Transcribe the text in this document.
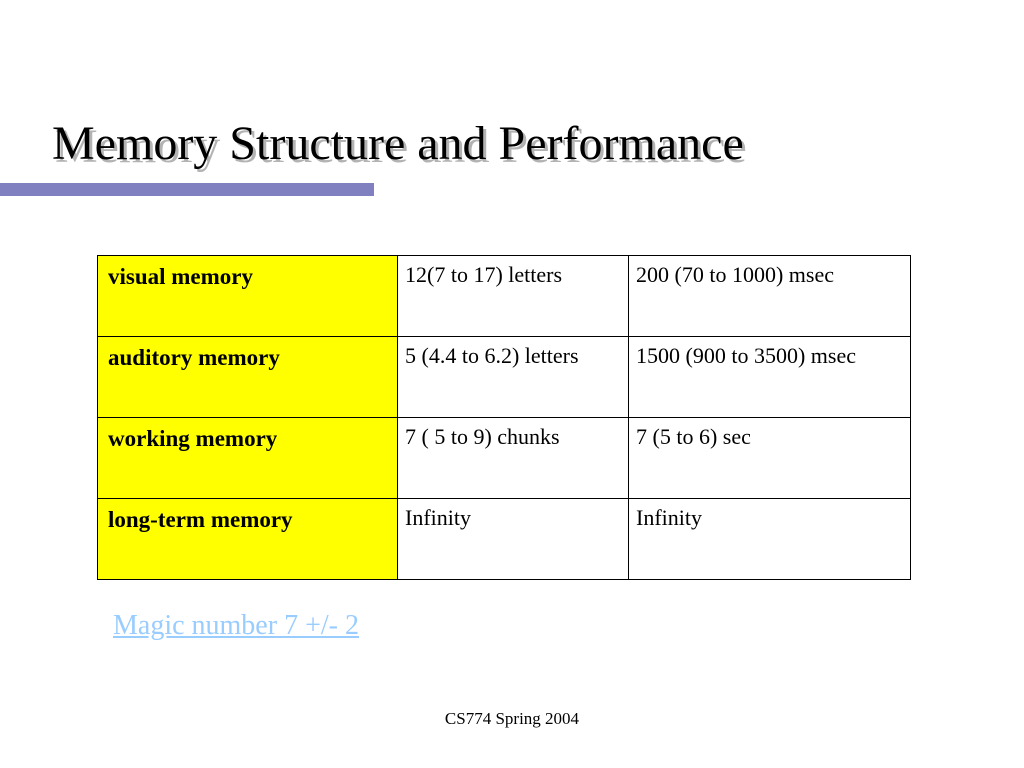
Memory Structure and Performance
visual memory	12(7 to 17) letters	200 (70 to 1000) msec
auditory memory	5 (4.4 to 6.2) letters	1500 (900 to 3500) msec
working memory	7 ( 5 to 9) chunks	7 (5 to 6) sec
long-term memory	Infinity	Infinity
Magic number 7 +/- 2
CS774 Spring 2004
